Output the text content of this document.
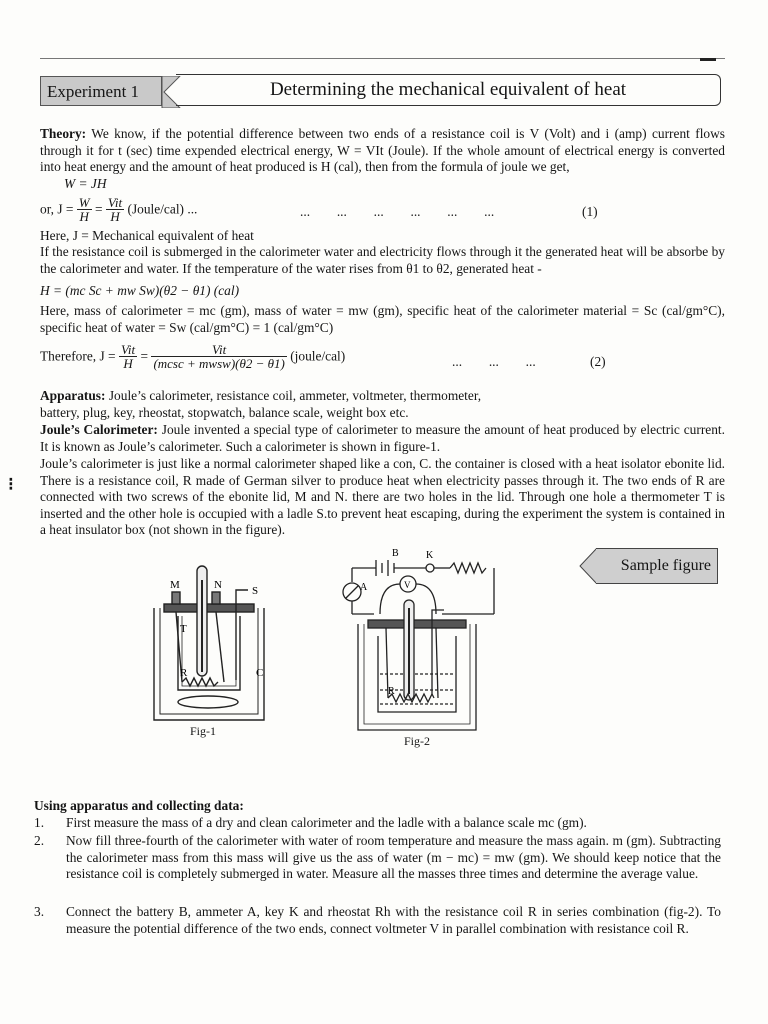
Experiment 1	Determining the mechanical equivalent of heat
Theory: We know, if the potential difference between two ends of a resistance coil is V (Volt) and i (amp) current flows through it for t (sec) time expended electrical energy, W = VIt (Joule). If the whole amount of electrical energy is converted into heat energy and the amount of heat produced is H (cal), then from the formula of joule we get,
W = JH
or, $J = \frac{W}{H} = \frac{\text{Vit}}{H}$ (Joule/cal) ...	...        ...        ...        ...        ...        ...	(1)
Here, J = Mechanical equivalent of heat
If the resistance coil is submerged in the calorimeter water and electricity flows through it the generated heat will be absorbe by the calorimeter and water. If the temperature of the water rises from θ1 to θ2, generated heat -
H = (mc Sc + mw Sw)(θ2 − θ1) (cal)
Here, mass of calorimeter = mc (gm), mass of water = mw (gm), specific heat of the calorimeter material = Sc (cal/gm°C), specific heat of water = Sw (cal/gm°C) = 1 (cal/gm°C)
Therefore, $J = \frac{\text{Vit}}{H} = \frac{\text{Vit}}{\text{(mcsc + mwsw)(θ2 − θ1)}}$ (joule/cal)	...        ...        ...	(2)
Apparatus: Joule’s calorimeter, resistance coil, ammeter, voltmeter, thermometer,
battery, plug, key, rheostat, stopwatch, balance scale, weight box etc.
Joule’s Calorimeter: Joule invented a special type of calorimeter to measure the amount of heat produced by electric current. It is known as Joule’s calorimeter. Such a calorimeter is shown in figure-1.
Joule’s calorimeter is just like a normal calorimeter shaped like a con, C. the container is closed with a heat isolator ebonite lid. There is a resistance coil, R made of German silver to produce heat when electricity passes through it. The two ends of R are connected with two screws of the ebonite lid, M and N. there are two holes in the lid. Through one hole a thermometer T is inserted and the other hole is occupied with a ladle S.to prevent heat escaping, during the experiment the system is contained in a heat insulator box (not shown in the figure).
⁝
Sample figure
M	N	S
T
R	C
Fig-1
B	K
A	V
R
Fig-2
Using apparatus and collecting data:
1. First measure the mass of a dry and clean calorimeter and the ladle with a balance scale mc (gm).
2. Now fill three-fourth of the calorimeter with water of room temperature and measure the mass again. m (gm). Subtracting the calorimeter mass from this mass will give us the ass of water (m − mc) = mw (gm). We should keep notice that the resistance coil is completely submerged in water. Measure all the masses three times and determine the average value.
3. Connect the battery B, ammeter A, key K and rheostat Rh with the resistance coil R in series combination (fig-2). To measure the potential difference of the two ends, connect voltmeter V in parallel combination with resistance coil R.
